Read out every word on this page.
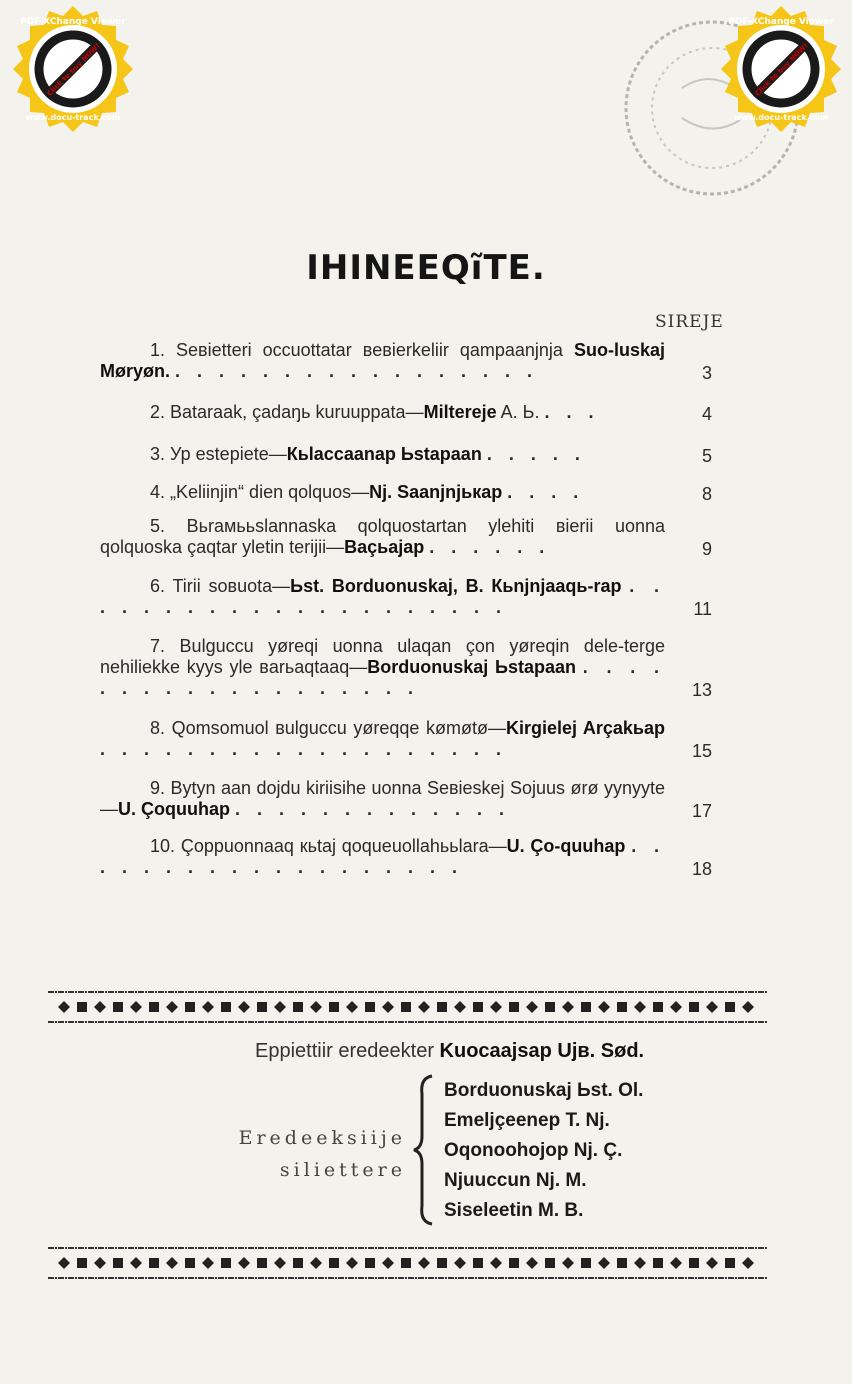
PDF-XChange Viewer
Click to buy NOW!
www.docu-track.com
PDF-XChange Viewer
Click to buy NOW!
www.docu-track.com
IHINEEQĩTE.
SIREJE
1. Seʙietteri occuottatar ʙeʙierkeliir qampaanjnja Suo-luskaj Møryøn. . . . . . . . . . . . . . . . . .	3
2. Bataraak, çadaŋь kuruuppata—Miltereje A. Ь. . . .	4
3. Ур estepiete—Кьlaccaanap Ьstapaan . . . . .	5
4. „Keliinjin“ dien qolquos—Nj. Saanjnjькap . . . .	8
5. Вьraмььslannaska qolquostartan ylehiti ʙierii uonna qolquoska çaqtar yletin terijii—Baçьajap . . . . . .	9
6. Tirii soʙuota—Ьst. Borduonuskaj, B. Кьnjnjaaqь-rap . . . . . . . . . . . . . . . . . . . . .	11
7. Bulguccu yøreqi uonna ulaqan çon yøreqin dele-terge nehiliekke kyys yle ʙarьaqtaaq—Borduonuskaj Ьstapaan . . . . . . . . . . . . . . . . . . .	13
8. Qomsomuol ʙulguccu yøreqqe kømøtø—Kirgielej Arçakьap . . . . . . . . . . . . . . . . . . .	15
9. Bytyn aan dojdu kiriisihe uonna Seʙieskej Sojuus ørø yynyyte—U. Çoquuhap . . . . . . . . . . . . .	17
10. Çoppuonnaaq кьtaj qoqueuollahььlara—U. Ço-quuhap . . . . . . . . . . . . . . . . . . .	18
Eppiettiir eredeekter Kuocaajsap Ujв. Sød.
Eredeeksiije
siliettere
Borduonuskaj Ьst. Ol.
Emeljçeenep T. Nj.
Oqonoohojop Nj. Ç.
Njuuccun Nj. M.
Siseleetin M. B.
